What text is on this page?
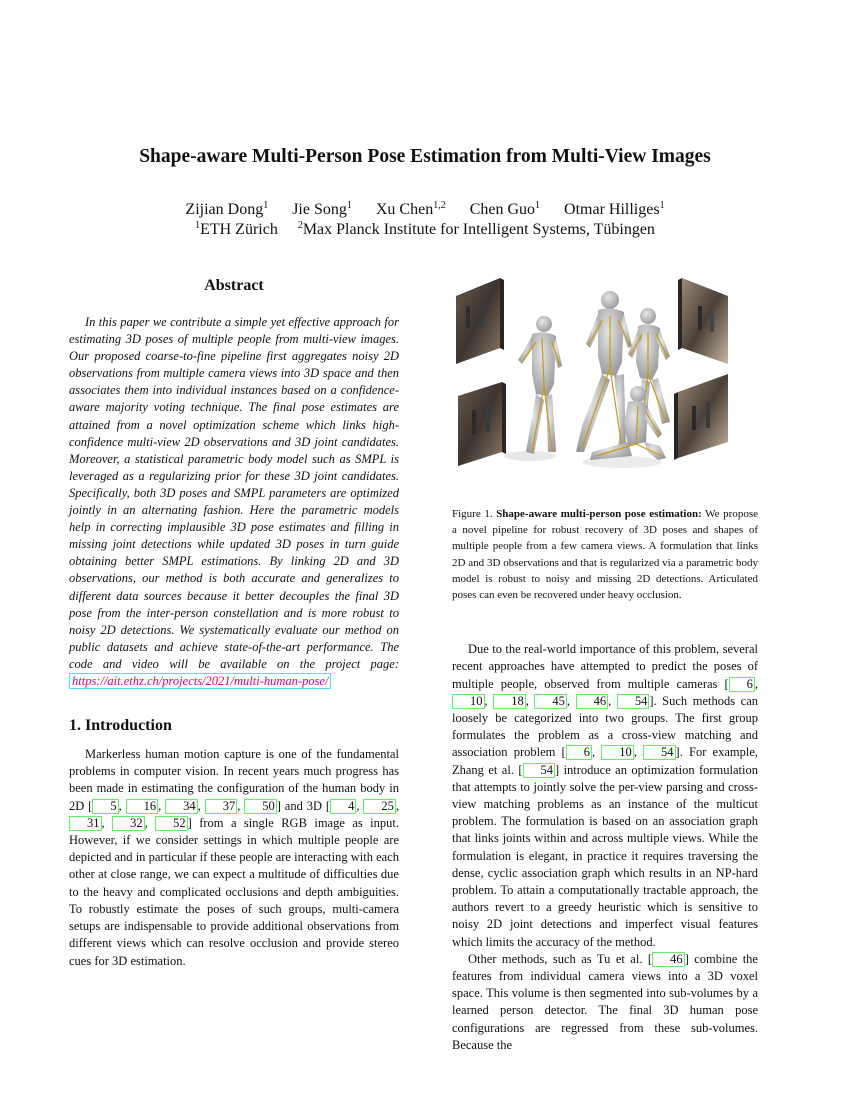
Shape-aware Multi-Person Pose Estimation from Multi-View Images
Zijian Dong$^1$ Jie Song$^1$ Xu Chen$^{1,2}$ Chen Guo$^1$ Otmar Hilliges$^1$
$^1$ETH Zürich $^2$Max Planck Institute for Intelligent Systems, Tübingen
Abstract

In this paper we contribute a simple yet effective approach for estimating 3D poses of multiple people from multi-view images. Our proposed coarse-to-fine pipeline first aggregates noisy 2D observations from multiple camera views into 3D space and then associates them into individual instances based on a confidence-aware majority voting technique. The final pose estimates are attained from a novel optimization scheme which links high-confidence multi-view 2D observations and 3D joint candidates. Moreover, a statistical parametric body model such as SMPL is leveraged as a regularizing prior for these 3D joint candidates. Specifically, both 3D poses and SMPL parameters are optimized jointly in an alternating fashion. Here the parametric models help in correcting implausible 3D pose estimates and filling in missing joint detections while updated 3D poses in turn guide obtaining better SMPL estimations. By linking 2D and 3D observations, our method is both accurate and generalizes to different data sources because it better decouples the final 3D pose from the inter-person constellation and is more robust to noisy 2D detections. We systematically evaluate our method on public datasets and achieve state-of-the-art performance. The code and video will be available on the project page: https://ait.ethz.ch/projects/2021/multi-human-pose/

1. Introduction

Markerless human motion capture is one of the fundamental problems in computer vision. In recent years much progress has been made in estimating the configuration of the human body in 2D [ 5 , 16 , 34 , 37 , 50 ] and 3D [ 4 , 25 , 31 , 32 , 52 ] from a single RGB image as input. However, if we consider settings in which multiple people are depicted and in particular if these people are interacting with each other at close range, we can expect a multitude of difficulties due to the heavy and complicated occlusions and depth ambiguities. To robustly estimate the poses of such groups, multi-camera setups are indispensable to provide additional observations from different views which can resolve occlusion and provide stereo cues for 3D estimation.

Figure 1. Shape-aware multi-person pose estimation: We propose a novel pipeline for robust recovery of 3D poses and shapes of multiple people from a few camera views. A formulation that links 2D and 3D observations and that is regularized via a parametric body model is robust to noisy and missing 2D detections. Articulated poses can even be recovered under heavy occlusion.

Due to the real-world importance of this problem, several recent approaches have attempted to predict the poses of multiple people, observed from multiple cameras [ 6 , 10 , 18 , 45 , 46 , 54 ]. Such methods can loosely be categorized into two groups. The first group formulates the problem as a cross-view matching and association problem [ 6 , 10 , 54 ]. For example, Zhang et al. [ 54 ] introduce an optimization formulation that attempts to jointly solve the per-view parsing and cross-view matching problems as an instance of the multicut problem. The formulation is based on an association graph that links joints within and across multiple views. While the formulation is elegant, in practice it requires traversing the dense, cyclic association graph which results in an NP-hard problem. To attain a computationally tractable approach, the authors revert to a greedy heuristic which is sensitive to noisy 2D joint detections and imperfect visual features which limits the accuracy of the method.

Other methods, such as Tu et al. [ 46 ] combine the features from individual camera views into a 3D voxel space. This volume is then segmented into sub-volumes by a learned person detector. The final 3D human pose configurations are regressed from these sub-volumes. Because the
